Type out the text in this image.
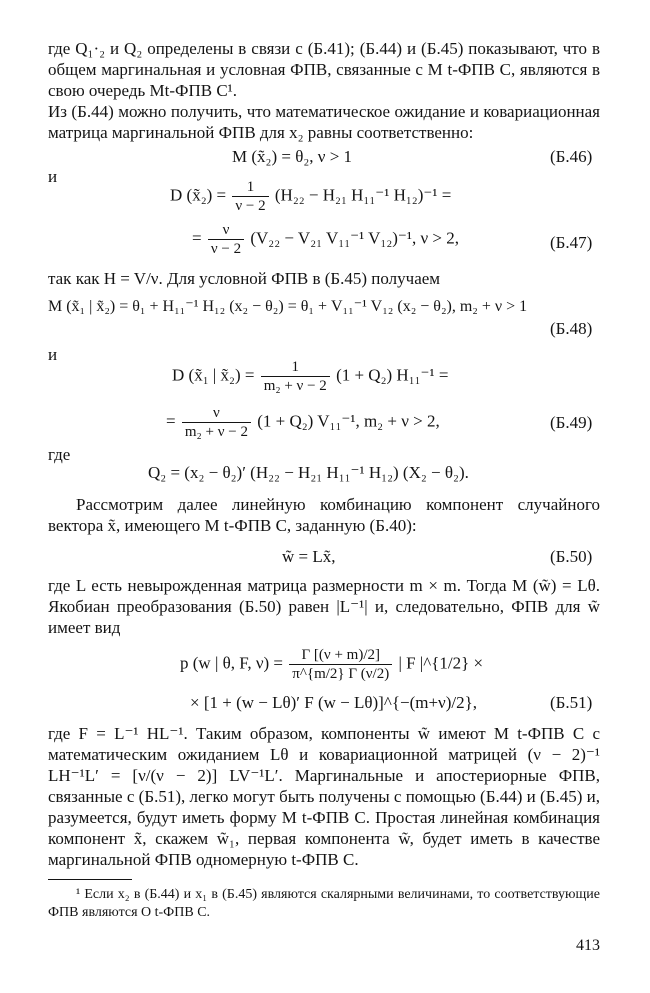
где Q₁·₂ и Q₂ определены в связи с (Б.41); (Б.44) и (Б.45) показывают, что в общем маргинальная и условная ФПВ, связанные с M t-ФПВ C, являются в свою очередь Mt-ФПВ C¹.
Из (Б.44) можно получить, что математическое ожидание и ковариационная матрица маргинальной ФПВ для x₂ равны соответственно:
M (x̃₂) = θ₂, ν > 1	(Б.46)
и
D (x̃₂) = $\frac{1}{\nu - 2} (H_{22} - H_{21}$ H₁₁⁻¹ H₁₂)⁻¹ =
= $\frac{\nu}{\nu - 2} (V_{22} - V_{21}$ V₁₁⁻¹ V₁₂)⁻¹, ν > 2,	(Б.47)
так как H = V/ν. Для условной ФПВ в (Б.45) получаем
M (x̃₁ | x̃₂) = θ₁ + H₁₁⁻¹ H₁₂ (x₂ − θ₂) = θ₁ + V₁₁⁻¹ V₁₂ (x₂ − θ₂), m₂ + ν > 1
(Б.48)
и
D (x̃₁ | x̃₂) = $\frac{1}{\text{m₂ + ν − 2}} (1 + Q_2) H_{11}^{-1}$ =
= $\frac{\nu}{\text{m₂ + ν − 2}} (1 + Q_2)$ V₁₁⁻¹, m₂ + ν > 2,	(Б.49)
где
Q₂ = (x₂ − θ₂)′ (H₂₂ − H₂₁ H₁₁⁻¹ H₁₂) (X₂ − θ₂).
Рассмотрим далее линейную комбинацию компонент случайного вектора x̃, имеющего M t-ФПВ C, заданную (Б.40):
w̃ = Lx̃,	(Б.50)
где L есть невырожденная матрица размерности m × m. Тогда M (w̃) = Lθ. Якобиан преобразования (Б.50) равен |L⁻¹| и, следовательно, ФПВ для w̃ имеет вид
p (w | θ, F, $\nu) = \frac{\Gamma [(\nu + m)/2]}{\pi\^{}\{m/2\} \Gamma (\nu/2)}$ | F |^{1/2} ×
× [1 + (w − Lθ)′ F (w − Lθ)]^{−(m+ν)/2},	(Б.51)
где F = L⁻¹ HL⁻¹. Таким образом, компоненты w̃ имеют M t-ФПВ C с математическим ожиданием Lθ и ковариационной матрицей (ν − 2)⁻¹ LH⁻¹L′ = [ν/(ν − 2)] LV⁻¹L′. Маргинальные и апостериорные ФПВ, связанные с (Б.51), легко могут быть получены с помощью (Б.44) и (Б.45) и, разумеется, будут иметь форму M t-ФПВ C. Простая линейная комбинация компонент x̃, скажем w̃₁, первая компонента w̃, будет иметь в качестве маргинальной ФПВ одномерную t-ФПВ C.
¹ Если x₂ в (Б.44) и x₁ в (Б.45) являются скалярными величинами, то соответствующие ФПВ являются O t-ФПВ C.
413
